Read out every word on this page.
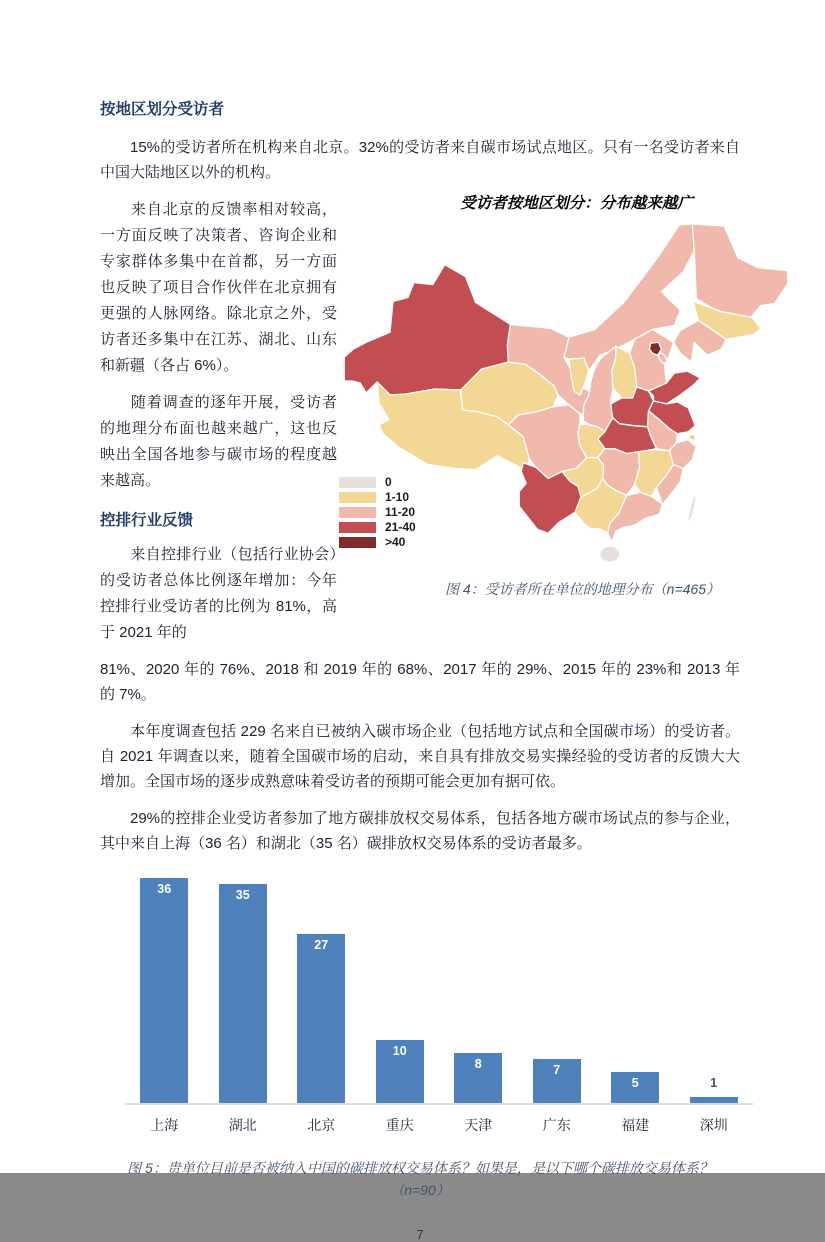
按地区划分受访者

15%的受访者所在机构来自北京。32%的受访者来自碳市场试点地区。只有一名受访者来自中国大陆地区以外的机构。

来自北京的反馈率相对较高，一方面反映了决策者、咨询企业和专家群体多集中在首都，另一方面也反映了项目合作伙伴在北京拥有更强的人脉网络。除北京之外，受访者还多集中在江苏、湖北、山东和新疆（各占 6%）。

随着调查的逐年开展，受访者的地理分布面也越来越广，这也反映出全国各地参与碳市场的程度越来越高。

控排行业反馈

来自控排行业（包括行业协会）的受访者总体比例逐年增加：今年控排行业受访者的比例为 81%，高于 2021 年的

受访者按地区划分：分布越来越广
0
1-10
11-20
21-40
>40
图 4：受访者所在单位的地理分布（n=465）

81%、2020 年的 76%、2018 和 2019 年的 68%、2017 年的 29%、2015 年的 23%和 2013 年的 7%。

本年度调查包括 229 名来自已被纳入碳市场企业（包括地方试点和全国碳市场）的受访者。自 2021 年调查以来，随着全国碳市场的启动，来自具有排放交易实操经验的受访者的反馈大大增加。全国市场的逐步成熟意味着受访者的预期可能会更加有据可依。

29%的控排企业受访者参加了地方碳排放权交易体系，包括各地方碳市场试点的参与企业，其中来自上海（36 名）和湖北（35 名）碳排放权交易体系的受访者最多。

36	35
27
10
8	7
5	1
上海	湖北	北京	重庆	天津	广东	福建	深圳
图 5：贵单位目前是否被纳入中国的碳排放权交易体系？如果是，是以下哪个碳排放交易体系？
（n=90）
7
